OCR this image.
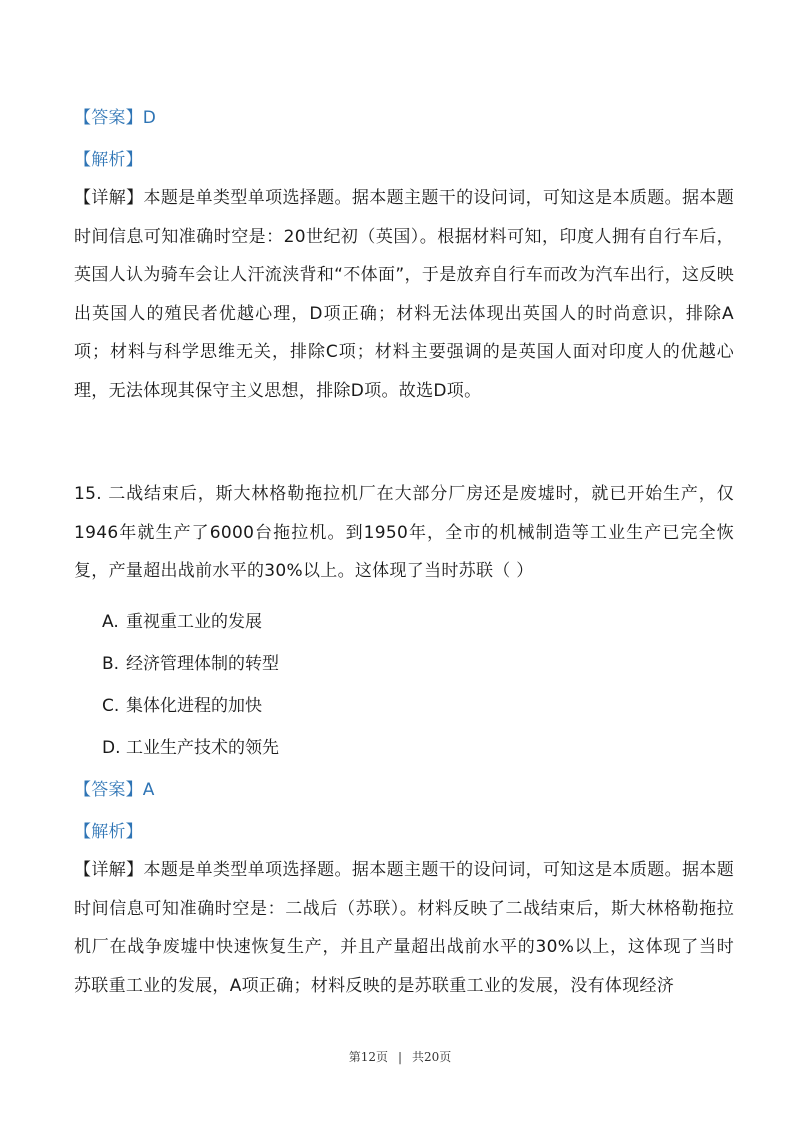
【答案】D
【解析】
【详解】本题是单类型单项选择题。据本题主题干的设问词，可知这是本质题。据本题时间信息可知准确时空是：20世纪初（英国）。根据材料可知，印度人拥有自行车后，英国人认为骑车会让人汗流浃背和“不体面”，于是放弃自行车而改为汽车出行，这反映出英国人的殖民者优越心理，D项正确；材料无法体现出英国人的时尚意识，排除A项；材料与科学思维无关，排除C项；材料主要强调的是英国人面对印度人的优越心理，无法体现其保守主义思想，排除D项。故选D项。
15. 二战结束后，斯大林格勒拖拉机厂在大部分厂房还是废墟时，就已开始生产，仅1946年就生产了6000台拖拉机。到1950年，全市的机械制造等工业生产已完全恢复，产量超出战前水平的30%以上。这体现了当时苏联（ ）
A. 重视重工业的发展
B. 经济管理体制的转型
C. 集体化进程的加快
D. 工业生产技术的领先
【答案】A
【解析】
【详解】本题是单类型单项选择题。据本题主题干的设问词，可知这是本质题。据本题时间信息可知准确时空是：二战后（苏联）。材料反映了二战结束后，斯大林格勒拖拉机厂在战争废墟中快速恢复生产，并且产量超出战前水平的30%以上，这体现了当时苏联重工业的发展，A项正确；材料反映的是苏联重工业的发展，没有体现经济
第12页 | 共20页
